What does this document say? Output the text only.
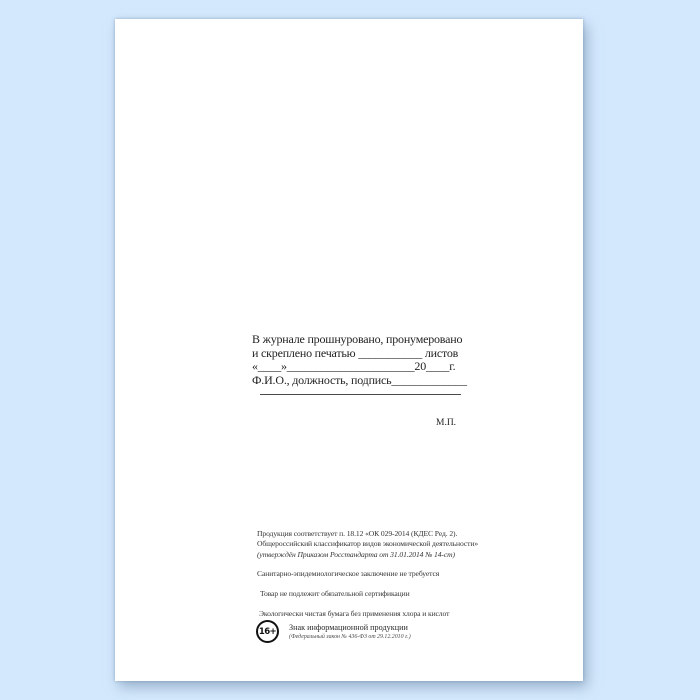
В журнале прошнуровано, пронумеровано
и скреплено печатью ___________ листов
«____»______________________20____г.
Ф.И.О., должность, подпись_____________
М.П.
Продукция соответствует п. 18.12 «ОК 029-2014 (КДЕС Ред. 2).
Общероссийский классификатор видов экономической деятельности»
(утверждён Приказом Росстандарта от 31.01.2014 № 14-ст)
Санитарно-эпидемиологическое заключение не требуется
Товар не подлежит обязательной сертификации
Экологически чистая бумага без применения хлора и кислот
16+	Знак информационной продукции
(Федеральный закон № 436-ФЗ от 29.12.2010 г.)
